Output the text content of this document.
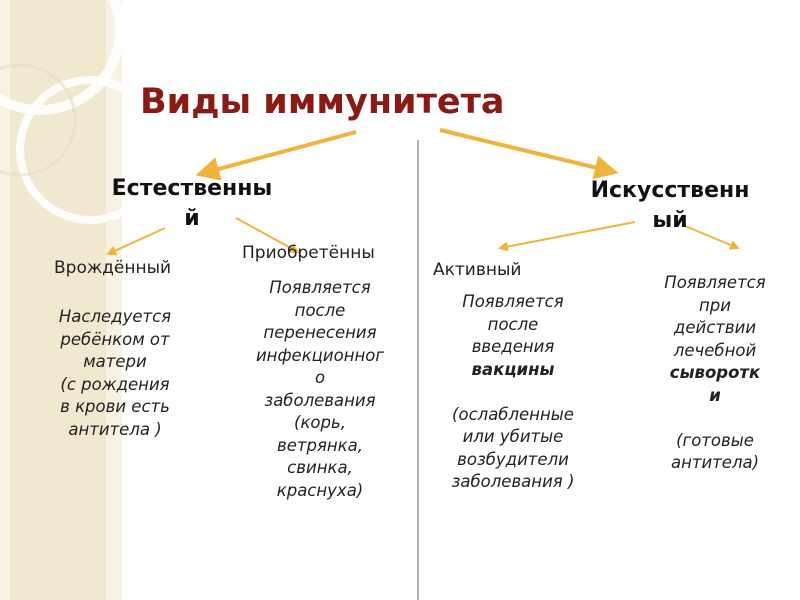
Виды иммунитета
Естественны
й
Искусственн
ый
Врождённый
Приобретённы
Активный
Наследуется
ребёнком от
матери
(с рождения
в крови есть
антитела )
Появляется
после
перенесения
инфекционног
о
заболевания
(корь,
ветрянка,
свинка,
краснуха)
Появляется
после
введения
вакцины
(ослабленные
или убитые
возбудители
заболевания )
Появляется
при
действии
лечебной
сыворотк
и
(готовые
антитела)
